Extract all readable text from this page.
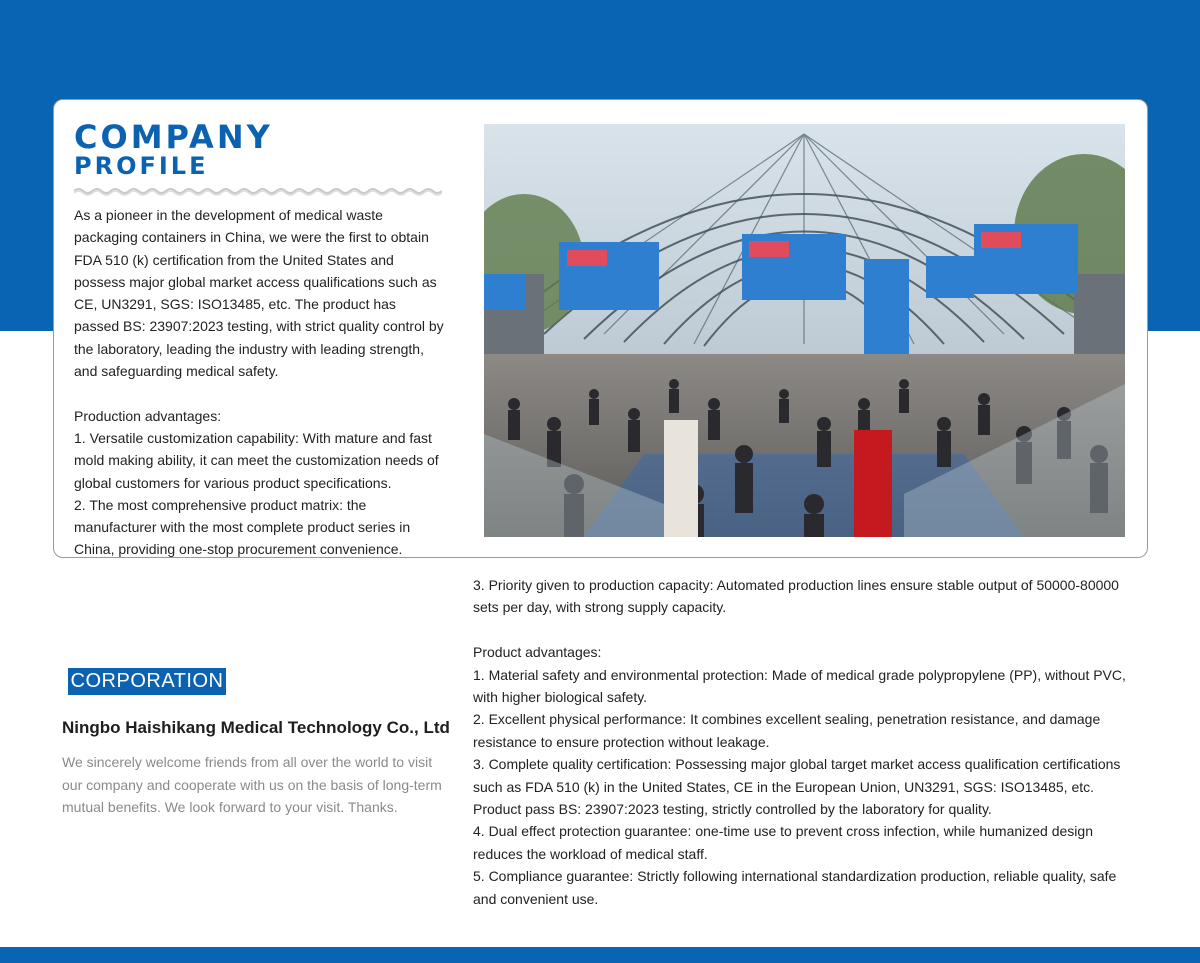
COMPANY
PROFILE

As a pioneer in the development of medical waste packaging containers in China, we were the first to obtain FDA 510 (k) certification from the United States and possess major global market access qualifications such as CE, UN3291, SGS: ISO13485, etc. The product has passed BS: 23907:2023 testing, with strict quality control by the laboratory, leading the industry with leading strength, and safeguarding medical safety.

Production advantages:

1. Versatile customization capability: With mature and fast mold making ability, it can meet the customization needs of global customers for various product specifications.

2. The most comprehensive product matrix: the manufacturer with the most complete product series in China, providing one-stop procurement convenience.

CORPORATION
Ningbo Haishikang Medical Technology Co., Ltd
We sincerely welcome friends from all over the world to visit our company and cooperate with us on the basis of long-term mutual benefits. We look forward to your visit. Thanks.

3. Priority given to production capacity: Automated production lines ensure stable output of 50000-80000 sets per day, with strong supply capacity.

Product advantages:

1. Material safety and environmental protection: Made of medical grade polypropylene (PP), without PVC, with higher biological safety.

2. Excellent physical performance: It combines excellent sealing, penetration resistance, and damage resistance to ensure protection without leakage.

3. Complete quality certification: Possessing major global target market access qualification certifications such as FDA 510 (k) in the United States, CE in the European Union, UN3291, SGS: ISO13485, etc. Product pass BS: 23907:2023 testing, strictly controlled by the laboratory for quality.

4. Dual effect protection guarantee: one-time use to prevent cross infection, while humanized design reduces the workload of medical staff.

5. Compliance guarantee: Strictly following international standardization production, reliable quality, safe and convenient use.
